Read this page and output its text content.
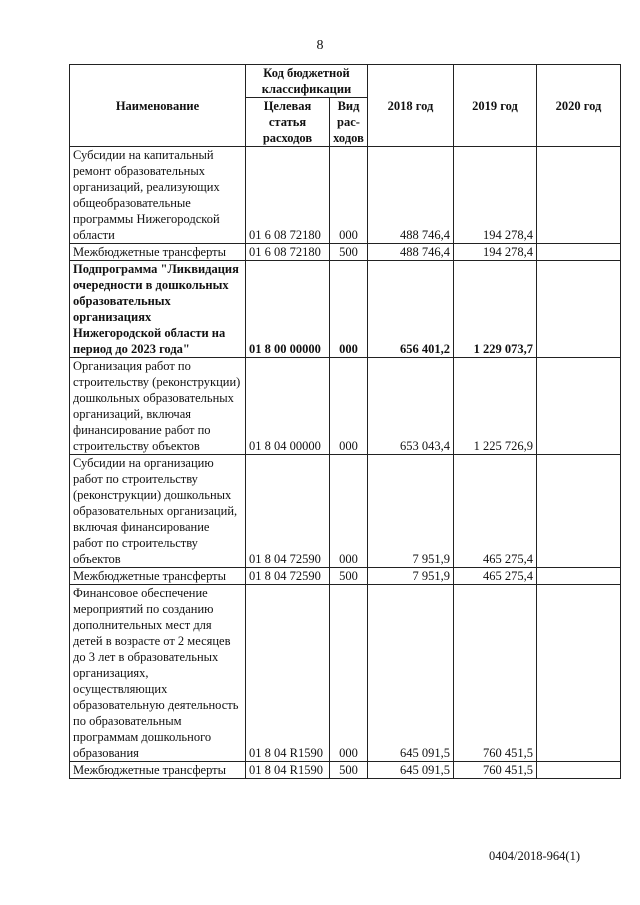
8
Наименование	Код бюджетной классификации		2018 год	2019 год	2020 год
	Целевая статья расходов	Вид рас-ходов			
Субсидии на капитальный ремонт образовательных организаций, реализующих общеобразовательные программы Нижегородской области	01 6 08 72180	000	488 746,4	194 278,4	
Межбюджетные трансферты	01 6 08 72180	500	488 746,4	194 278,4	
Подпрограмма "Ликвидация очередности в дошкольных образовательных организациях Нижегородской области на период до 2023 года"	01 8 00 00000	000	656 401,2	1 229 073,7	
Организация работ по строительству (реконструкции) дошкольных образовательных организаций, включая финансирование работ по строительству объектов	01 8 04 00000	000	653 043,4	1 225 726,9	
Субсидии на организацию работ по строительству (реконструкции) дошкольных образовательных организаций, включая финансирование работ по строительству объектов	01 8 04 72590	000	7 951,9	465 275,4	
Межбюджетные трансферты	01 8 04 72590	500	7 951,9	465 275,4	
Финансовое обеспечение мероприятий по созданию дополнительных мест для детей в возрасте от 2 месяцев до 3 лет в образовательных организациях, осуществляющих образовательную деятельность по образовательным программам дошкольного образования	01 8 04 R1590	000	645 091,5	760 451,5	
Межбюджетные трансферты	01 8 04 R1590	500	645 091,5	760 451,5	
0404/2018-964(1)
